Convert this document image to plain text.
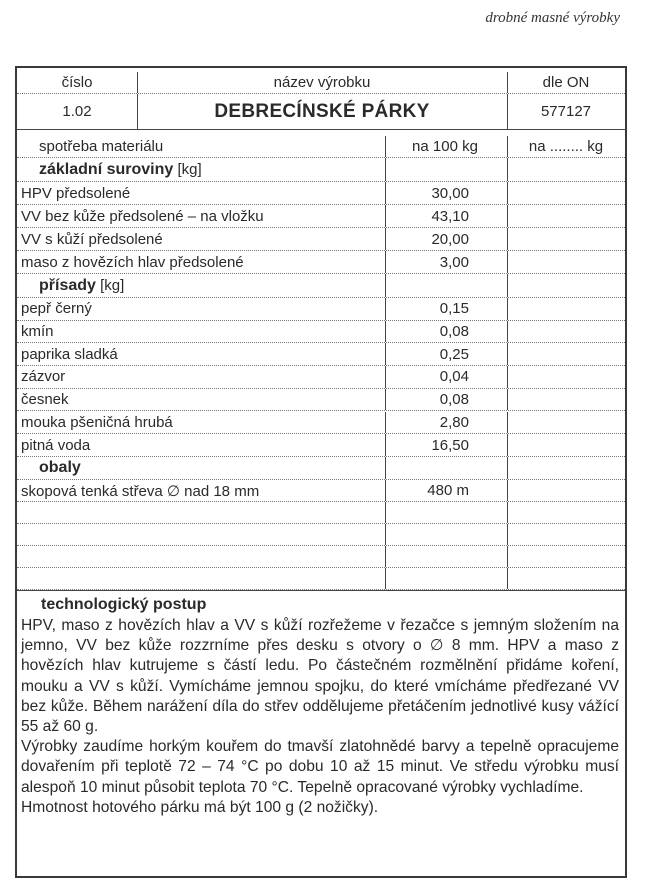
drobné masné výrobky
číslo	název výrobku	dle ON
1.02	DEBRECÍNSKÉ PÁRKY	577127
spotřeba materiálu	na 100 kg	na ........ kg
základní suroviny
[kg]
HPV předsolené	30,00
VV bez kůže předsolené – na vložku	43,10
VV s kůží předsolené	20,00
maso z hovězích hlav předsolené	3,00
přísady
[kg]
pepř černý	0,15
kmín	0,08
paprika sladká	0,25
zázvor	0,04
česnek	0,08
mouka pšeničná hrubá	2,80
pitná voda	16,50
obaly
skopová tenká střeva ∅ nad 18 mm	480 m
technologický postup

HPV, maso z hovězích hlav a VV s kůží rozřežeme v řezačce s jemným složením na jemno, VV bez kůže rozzrníme přes desku s otvory o ∅ 8 mm. HPV a maso z hovězích hlav kutrujeme s částí ledu. Po částečném rozmělnění přidáme koření, mouku a VV s kůží. Vymícháme jemnou spojku, do které vmícháme předřezané VV bez kůže. Během narážení díla do střev oddělujeme přetáčením jednotlivé kusy vážící 55 až 60 g.

Výrobky zaudíme horkým kouřem do tmavší zlatohnědé barvy a tepelně opracujeme dovařením při teplotě 72 – 74 °C po dobu 10 až 15 minut. Ve středu výrobku musí alespoň 10 minut působit teplota 70 °C. Tepelně opracované výrobky vychladíme.

Hmotnost hotového párku má být 100 g (2 nožičky).
